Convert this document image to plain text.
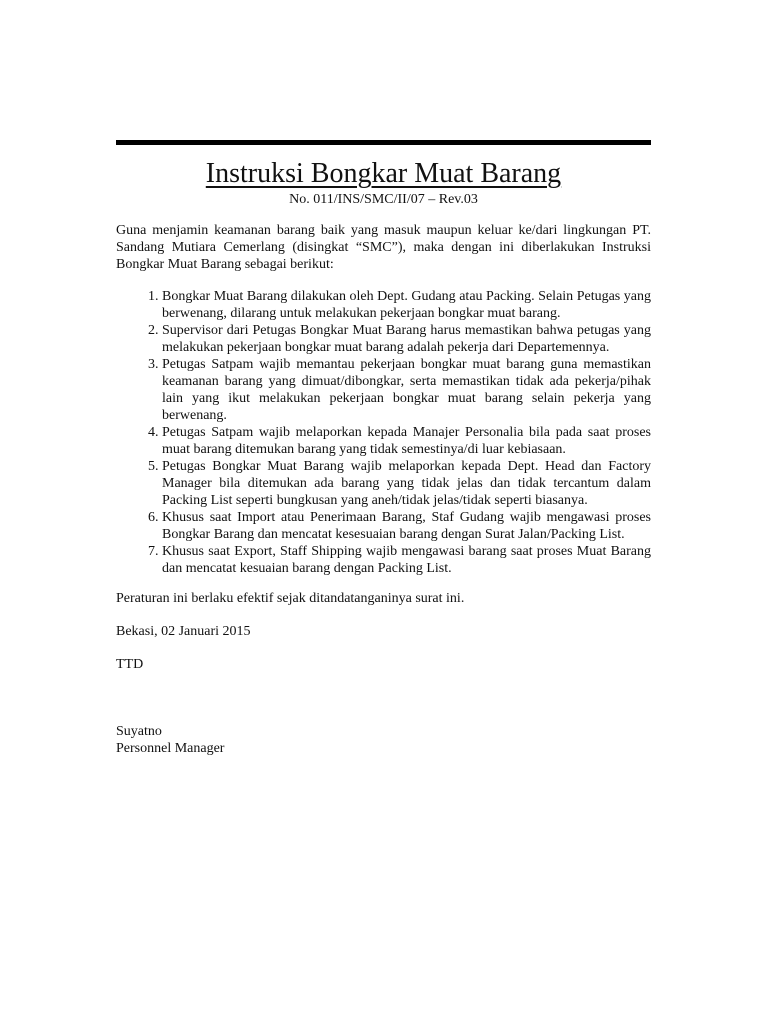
Instruksi Bongkar Muat Barang

No. 011/INS/SMC/II/07 – Rev.03

Guna menjamin keamanan barang baik yang masuk maupun keluar ke/dari lingkungan PT. Sandang Mutiara Cemerlang (disingkat “SMC”), maka dengan ini diberlakukan Instruksi Bongkar Muat Barang sebagai berikut:

1. Bongkar Muat Barang dilakukan oleh Dept. Gudang atau Packing. Selain Petugas yang berwenang, dilarang untuk melakukan pekerjaan bongkar muat barang.
2. Supervisor dari Petugas Bongkar Muat Barang harus memastikan bahwa petugas yang melakukan pekerjaan bongkar muat barang adalah pekerja dari Departemennya.
3. Petugas Satpam wajib memantau pekerjaan bongkar muat barang guna memastikan keamanan barang yang dimuat/dibongkar, serta memastikan tidak ada pekerja/pihak lain yang ikut melakukan pekerjaan bongkar muat barang selain pekerja yang berwenang.
4. Petugas Satpam wajib melaporkan kepada Manajer Personalia bila pada saat proses muat barang ditemukan barang yang tidak semestinya/di luar kebiasaan.
5. Petugas Bongkar Muat Barang wajib melaporkan kepada Dept. Head dan Factory Manager bila ditemukan ada barang yang tidak jelas dan tidak tercantum dalam Packing List seperti bungkusan yang aneh/tidak jelas/tidak seperti biasanya.
6. Khusus saat Import atau Penerimaan Barang, Staf Gudang wajib mengawasi proses Bongkar Barang dan mencatat kesesuaian barang dengan Surat Jalan/Packing List.
7. Khusus saat Export, Staff Shipping wajib mengawasi barang saat proses Muat Barang dan mencatat kesuaian barang dengan Packing List.

Peraturan ini berlaku efektif sejak ditandatanganinya surat ini.

Bekasi, 02 Januari 2015

TTD

Suyatno

Personnel Manager
